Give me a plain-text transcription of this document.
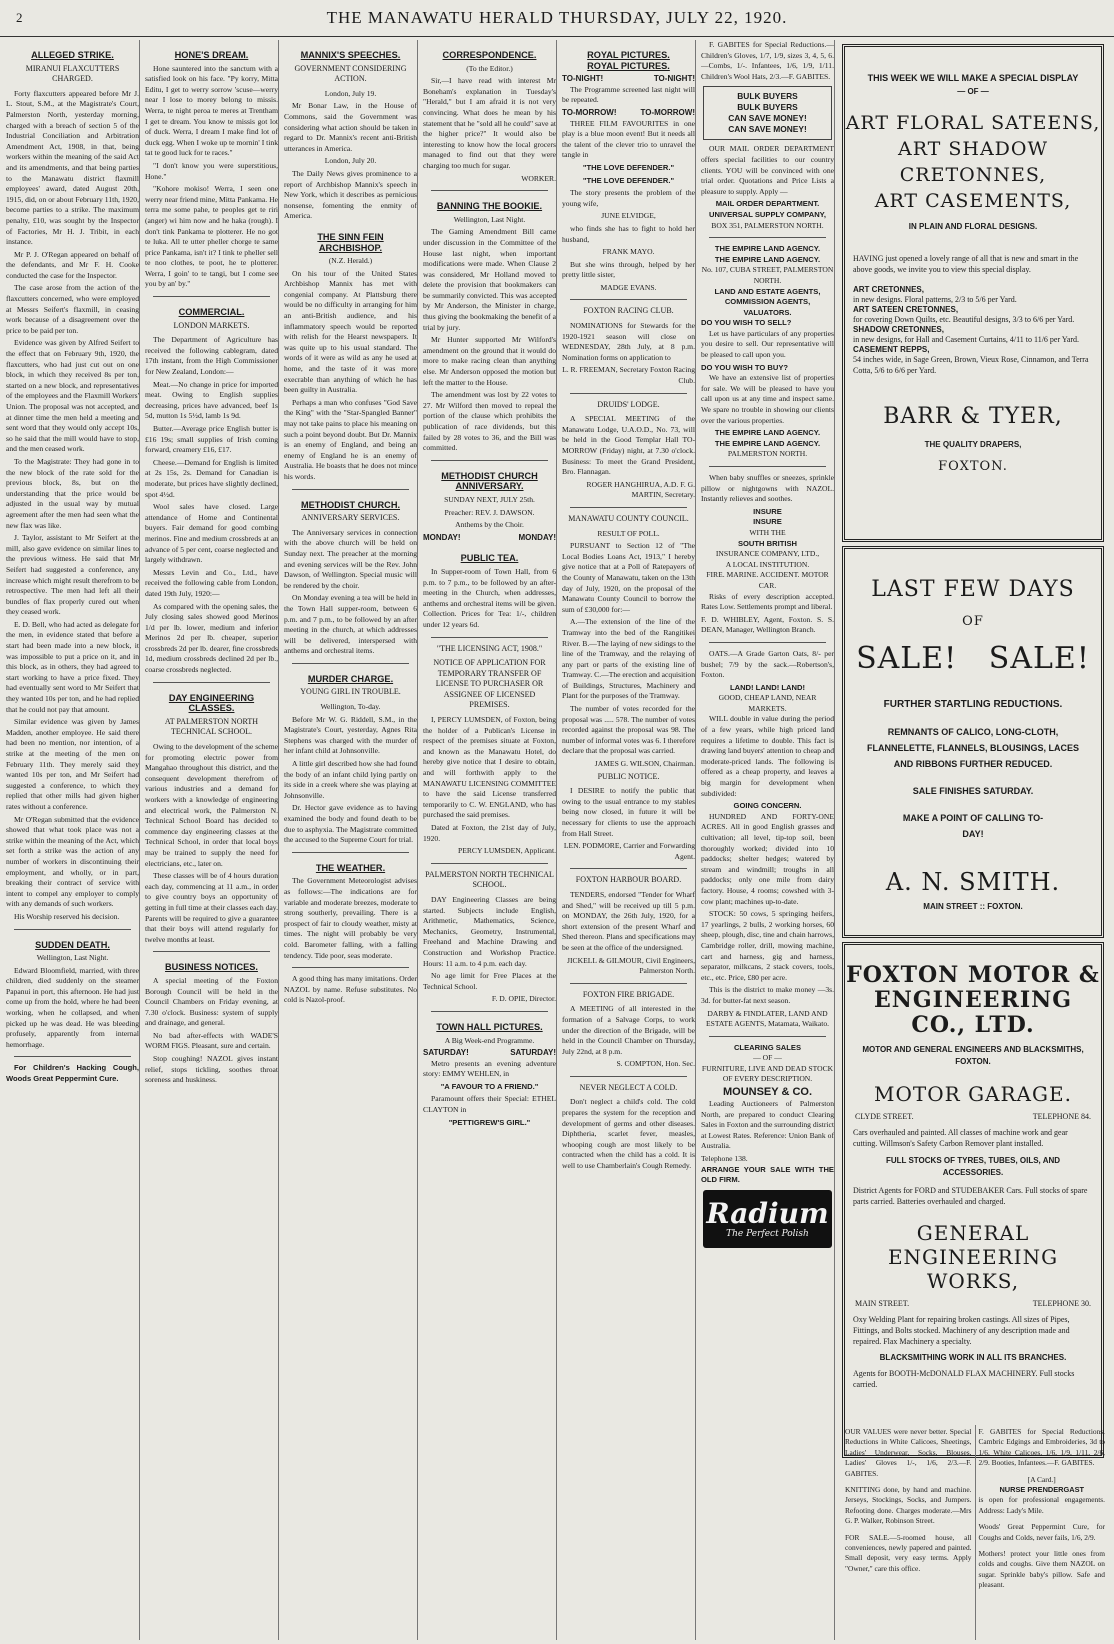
2	THE MANAWATU HERALD THURSDAY, JULY 22, 1920.
ALLEGED STRIKE.
MIRANUI FLAXCUTTERS CHARGED.

Forty flaxcutters appeared before Mr J. L. Stout, S.M., at the Magistrate's Court, Palmerston North, yesterday morning, charged with a breach of section 5 of the Industrial Conciliation and Arbitration Amendment Act, 1908, in that, being workers within the meaning of the said Act and its amendments, and that being parties to the Manawatu district flaxmill employees' award, dated August 20th, 1915, did, on or about February 11th, 1920, become parties to a strike. The maximum penalty, £10, was sought by the Inspector of Factories, Mr H. J. Tribit, in each instance.

Mr P. J. O'Regan appeared on behalf of the defendants, and Mr F. H. Cooke conducted the case for the Inspector.

The case arose from the action of the flaxcutters concerned, who were employed at Messrs Seifert's flaxmill, in ceasing work because of a disagreement over the price to be paid per ton.

Evidence was given by Alfred Seifert to the effect that on February 9th, 1920, the flaxcutters, who had just cut out on one block, in which they received 8s per ton, started on a new block, and representatives of the employees and the Flaxmill Workers' Union. The proposal was not accepted, and at dinner time the men held a meeting and sent word that they would only accept 10s, so he said that the mill would have to stop, and the men ceased work.

To the Magistrate: They had gone in to the new block of the rate sold for the previous block, 8s, but on the understanding that the price would be adjusted in the usual way by mutual agreement after the men had seen what the new flax was like.

J. Taylor, assistant to Mr Seifert at the mill, also gave evidence on similar lines to the previous witness. He said that Mr Seifert had suggested a conference, any increase which might result therefrom to be retrospective. The men had left all their bundles of flax properly cured out when they ceased work.

E. D. Bell, who had acted as delegate for the men, in evidence stated that before a start had been made into a new block, it was impossible to put a price on it, and in this block, as in others, they had agreed to start working to have a price fixed. They had eventually sent word to Mr Seifert that they wanted 10s per ton, and he had replied that he could not pay that amount.

Similar evidence was given by James Madden, another employee. He said there had been no mention, nor intention, of a strike at the meeting of the men on February 11th. They merely said they wanted 10s per ton, and Mr Seifert had suggested a conference, to which they replied that other mills had given higher rates without a conference.

Mr O'Regan submitted that the evidence showed that what took place was not a strike within the meaning of the Act, which set forth a strike was the action of any number of workers in discontinuing their employment, and wholly, or in part, breaking their contract of service with intent to compel any employer to comply with any demands of such workers.

His Worship reserved his decision.

SUDDEN DEATH.
Wellington, Last Night.

Edward Bloomfield, married, with three children, died suddenly on the steamer Papanui in port, this afternoon. He had just come up from the hold, where he had been working, when he collapsed, and when picked up he was dead. He was bleeding profusely, apparently from internal hemorrhage.

For Children's Hacking Cough, Woods Great Peppermint Cure.

HONE'S DREAM.

Hone sauntered into the sanctum with a satisfied look on his face. "Py korry, Mitta Editu, I get to werry sorrow 'scuse—werry near I lose to morey belong to missis. Werra, te night peroa te meres at Trentham I get te dream. You know te missis got lot of duck. Werra, I dream I make find lot of duck egg. When I woke up te mornin' I tink tat te good luck for te races."

"I don't know you were superstitious, Hone."

"Kohore mokiso! Werra, I seen one werry near friend mine, Mitta Pankama. He terra me some pahe, te peoples get te riri (anger) wi him now and he haka (rough). I don't tink Pankama te plotterer. He no got te luka. All te utter pheller chorge te same price Pankama, isn't it? I tink te pheller sell te noo clothes, te poot, he te plotterer. Werra, I goin' to te tangi, but I come see you by an' by."

COMMERCIAL.
LONDON MARKETS.

The Department of Agriculture has received the following cablegram, dated 17th instant, from the High Commissioner for New Zealand, London:—

Meat.—No change in price for imported meat. Owing to English supplies decreasing, prices have advanced, beef 1s 5d, mutton 1s 5½d, lamb 1s 9d.

Butter.—Average price English butter is £16 19s; small supplies of Irish coming forward, creamery £16, £17.

Cheese.—Demand for English is limited at 2s 15s, 2s. Demand for Canadian is moderate, but prices have slightly declined, spot 4½d.

Wool sales have closed. Large attendance of Home and Continental buyers. Fair demand for good combing merinos. Fine and medium crossbreds at an advance of 5 per cent, coarse neglected and largely withdrawn.

Messrs Levin and Co., Ltd., have received the following cable from London, dated 19th July, 1920:—

As compared with the opening sales, the July closing sales showed good Merinos 1/d per lb. lower, medium and inferior Merinos 2d per lb. cheaper, superior crossbreds 2d per lb. dearer, fine crossbreds 1d, medium crossbreds declined 2d per lb., coarse crossbreds neglected.

DAY ENGINEERING CLASSES.
AT PALMERSTON NORTH TECHNICAL SCHOOL.

Owing to the development of the scheme for promoting electric power from Mangahao throughout this district, and the consequent development therefrom of various industries and a demand for workers with a knowledge of engineering and electrical work, the Palmerston N. Technical School Board has decided to commence day engineering classes at the Technical School, in order that local boys may be trained to supply the need for electricians, etc., later on.

These classes will be of 4 hours duration each day, commencing at 11 a.m., in order to give country boys an opportunity of getting in full time at their classes each day. Parents will be required to give a guarantee that their boys will attend regularly for twelve months at least.

BUSINESS NOTICES.

A special meeting of the Foxton Borough Council will be held in the Council Chambers on Friday evening, at 7.30 o'clock. Business: system of supply and drainage, and general.

No bad after-effects with WADE'S WORM FIGS. Pleasant, sure and certain.

Stop coughing! NAZOL gives instant relief, stops tickling, soothes throat soreness and huskiness.

MANNIX'S SPEECHES.
GOVERNMENT CONSIDERING ACTION.
London, July 19.

Mr Bonar Law, in the House of Commons, said the Government was considering what action should be taken in regard to Dr. Mannix's recent anti-British utterances in America.

London, July 20.

The Daily News gives prominence to a report of Archbishop Mannix's speech in New York, which it describes as pernicious nonsense, fomenting the enmity of America.

THE SINN FEIN ARCHBISHOP.
(N.Z. Herald.)

On his tour of the United States Archbishop Mannix has met with congenial company. At Plattsburg there would be no difficulty in arranging for him an anti-British audience, and his inflammatory speech would be reported with relish for the Hearst newspapers. It was quite up to his usual standard. The words of it were as wild as any he used at home, and the taste of it was more execrable than anything of which he has been guilty in Australia.

Perhaps a man who confuses "God Save the King" with the "Star-Spangled Banner" may not take pains to place his meaning on such a point beyond doubt. But Dr. Mannix is an enemy of England, and being an enemy of England he is an enemy of Australia. He boasts that he does not mince his words.

METHODIST CHURCH.
ANNIVERSARY SERVICES.

The Anniversary services in connection with the above church will be held on Sunday next. The preacher at the morning and evening services will be the Rev. John Dawson, of Wellington. Special music will be rendered by the choir.

On Monday evening a tea will be held in the Town Hall supper-room, between 6 p.m. and 7 p.m., to be followed by an after meeting in the church, at which addresses will be delivered, interspersed with anthems and orchestral items.

MURDER CHARGE.
YOUNG GIRL IN TROUBLE.
Wellington, To-day.

Before Mr W. G. Riddell, S.M., in the Magistrate's Court, yesterday, Agnes Rita Stephens was charged with the murder of her infant child at Johnsonville.

A little girl described how she had found the body of an infant child lying partly on its side in a creek where she was playing at Johnsonville.

Dr. Hector gave evidence as to having examined the body and found death to be due to asphyxia. The Magistrate committed the accused to the Supreme Court for trial.

THE WEATHER.

The Government Meteorologist advises as follows:—The indications are for variable and moderate breezes, moderate to strong southerly, prevailing. There is a prospect of fair to cloudy weather, misty at times. The night will probably be very cold. Barometer falling, with a falling tendency. Tide poor, seas moderate.

A good thing has many imitations. Order NAZOL by name. Refuse substitutes. No cold is Nazol-proof.

CORRESPONDENCE.
(To the Editor.)

Sir,—I have read with interest Mr Boneham's explanation in Tuesday's "Herald," but I am afraid it is not very convincing. What does he mean by his statement that he "sold all he could" save at the higher price?" It would also be interesting to know how the local grocers managed to find out that they were charging too much for sugar.

WORKER.
BANNING THE BOOKIE.
Wellington, Last Night.

The Gaming Amendment Bill came under discussion in the Committee of the House last night, when important modifications were made. When Clause 2 was considered, Mr Holland moved to delete the provision that bookmakers can be summarily convicted. This was accepted by Mr Anderson, the Minister in charge, thus giving the bookmaking the benefit of a trial by jury.

Mr Hunter supported Mr Wilford's amendment on the ground that it would do more to make racing clean than anything else. Mr Anderson opposed the motion but left the matter to the House.

The amendment was lost by 22 votes to 27. Mr Wilford then moved to repeal the portion of the clause which prohibits the publication of race dividends, but this failed by 28 votes to 36, and the Bill was committed.

METHODIST CHURCH ANNIVERSARY.
SUNDAY NEXT, JULY 25th.
Preacher: REV. J. DAWSON.
Anthems by the Choir.
MONDAY!	MONDAY!
PUBLIC TEA.

In Supper-room of Town Hall, from 6 p.m. to 7 p.m., to be followed by an after-meeting in the Church, when addresses, anthems and orchestral items will be given. Collection. Prices for Tea: 1/-, children under 12 years 6d.

"THE LICENSING ACT, 1908."
NOTICE OF APPLICATION FOR TEMPORARY TRANSFER OF LICENSE TO PURCHASER OR ASSIGNEE OF LICENSED PREMISES.

I, PERCY LUMSDEN, of Foxton, being the holder of a Publican's License in respect of the premises situate at Foxton, and known as the Manawatu Hotel, do hereby give notice that I desire to obtain, and will forthwith apply to the MANAWATU LICENSING COMMITTEE to have the said License transferred temporarily to C. W. ENGLAND, who has purchased the said premises.

Dated at Foxton, the 21st day of July, 1920.

PERCY LUMSDEN, Applicant.
PALMERSTON NORTH TECHNICAL SCHOOL.

DAY Engineering Classes are being started. Subjects include English, Arithmetic, Mathematics, Science, Mechanics, Geometry, Instrumental, Freehand and Machine Drawing and Construction and Workshop Practice. Hours: 11 a.m. to 4 p.m. each day.

No age limit for Free Places at the Technical School.

F. D. OPIE, Director.
TOWN HALL PICTURES.
A Big Week-end Programme.
SATURDAY!	SATURDAY!

Metro presents an evening adventure story: EMMY WEHLEN, in

"A FAVOUR TO A FRIEND."

Paramount offers their Special: ETHEL CLAYTON in

"PETTIGREW'S GIRL."
ROYAL PICTURES.
ROYAL PICTURES.
TO-NIGHT!	TO-NIGHT!

The Programme screened last night will be repeated.

TO-MORROW!	TO-MORROW!

THREE FILM FAVOURITES in one play is a blue moon event! But it needs all the talent of the clever trio to unravel the tangle in

"THE LOVE DEFENDER."
"THE LOVE DEFENDER."

The story presents the problem of the young wife,

JUNE ELVIDGE,

who finds she has to fight to hold her husband,

FRANK MAYO.

But she wins through, helped by her pretty little sister,

MADGE EVANS.
FOXTON RACING CLUB.

NOMINATIONS for Stewards for the 1920-1921 season will close on WEDNESDAY, 28th July, at 8 p.m. Nomination forms on application to

L. R. FREEMAN, Secretary Foxton Racing Club.
DRUIDS' LODGE.

A SPECIAL MEETING of the Manawatu Lodge, U.A.O.D., No. 73, will be held in the Good Templar Hall TO-MORROW (Friday) night, at 7.30 o'clock. Business: To meet the Grand President, Bro. Flannagan.

ROGER HANGHIRUA, A.D. F. G. MARTIN, Secretary.
MANAWATU COUNTY COUNCIL.
RESULT OF POLL.

PURSUANT to Section 12 of "The Local Bodies Loans Act, 1913," I hereby give notice that at a Poll of Ratepayers of the County of Manawatu, taken on the 13th day of July, 1920, on the proposal of the Manawatu County Council to borrow the sum of £30,000 for:—

A.—The extension of the line of the Tramway into the bed of the Rangitikei River. B.—The laying of new sidings to the line of the Tramway, and the relaying of any part or parts of the existing line of Tramway. C.—The erection and acquisition of Buildings, Structures, Machinery and Plant for the purposes of the Tramway.

The number of votes recorded for the proposal was ..... 578. The number of votes recorded against the proposal was 98. The number of informal votes was 6. I therefore declare that the proposal was carried.

JAMES G. WILSON, Chairman.
PUBLIC NOTICE.

I DESIRE to notify the public that owing to the usual entrance to my stables being now closed, in future it will be necessary for clients to use the approach from Hall Street.

LEN. PODMORE, Carrier and Forwarding Agent.
FOXTON HARBOUR BOARD.

TENDERS, endorsed "Tender for Wharf and Shed," will be received up till 5 p.m. on MONDAY, the 26th July, 1920, for a short extension of the present Wharf and Shed thereon. Plans and specifications may be seen at the office of the undersigned.

JICKELL & GILMOUR, Civil Engineers, Palmerston North.
FOXTON FIRE BRIGADE.

A MEETING of all interested in the formation of a Salvage Corps, to work under the direction of the Brigade, will be held in the Council Chamber on Thursday, July 22nd, at 8 p.m.

S. COMPTON, Hon. Sec.
NEVER NEGLECT A COLD.

Don't neglect a child's cold. The cold prepares the system for the reception and development of germs and other diseases. Diphtheria, scarlet fever, measles, whooping cough are most likely to be contracted when the child has a cold. It is well to use Chamberlain's Cough Remedy.

F. GABITES for Special Reductions.—Children's Gloves, 1/7, 1/9, sizes 3, 4, 5, 6.—Combs, 1/-. Infantees, 1/6, 1/9, 1/11. Children's Wool Hats, 2/3.—F. GABITES.

BULK BUYERS
BULK BUYERS
CAN SAVE MONEY!
CAN SAVE MONEY!

OUR MAIL ORDER DEPARTMENT offers special facilities to our country clients. YOU will be convinced with one trial order. Quotations and Price Lists a pleasure to supply. Apply —

MAIL ORDER DEPARTMENT.
UNIVERSAL SUPPLY COMPANY,
BOX 351, PALMERSTON NORTH.
THE EMPIRE LAND AGENCY.
THE EMPIRE LAND AGENCY.
No. 107, CUBA STREET, PALMERSTON NORTH.
LAND AND ESTATE AGENTS,
COMMISSION AGENTS,
VALUATORS.
DO YOU WISH TO SELL?

Let us have particulars of any properties you desire to sell. Our representative will be pleased to call upon you.

DO YOU WISH TO BUY?

We have an extensive list of properties for sale. We will be pleased to have you call upon us at any time and inspect same. We spare no trouble in showing our clients over the various properties.

THE EMPIRE LAND AGENCY.
THE EMPIRE LAND AGENCY.
PALMERSTON NORTH.

When baby snuffles or sneezes, sprinkle pillow or nightgowns with NAZOL. Instantly relieves and soothes.

INSURE
INSURE
WITH THE
SOUTH BRITISH
INSURANCE COMPANY, LTD.,
A LOCAL INSTITUTION.
FIRE. MARINE. ACCIDENT. MOTOR CAR.

Risks of every description accepted. Rates Low. Settlements prompt and liberal.

F. D. WHIBLEY, Agent, Foxton. S. S. DEAN, Manager, Wellington Branch.

OATS.—A Grade Garton Oats, 8/- per bushel; 7/9 by the sack.—Robertson's, Foxton.

LAND! LAND! LAND!
GOOD, CHEAP LAND, NEAR MARKETS.

WILL double in value during the period of a few years, while high priced land requires a lifetime to double. This fact is drawing land buyers' attention to cheap and moderate-priced lands. The following is offered as a cheap property, and leaves a big margin for development when subdivided:

GOING CONCERN.

HUNDRED AND FORTY-ONE ACRES. All in good English grasses and cultivation; all level, tip-top soil, been thoroughly worked; divided into 10 paddocks; shelter hedges; watered by stream and windmill; troughs in all paddocks; only one mile from dairy factory. House, 4 rooms; cowshed with 3-cow plant; machines up-to-date.

STOCK: 50 cows, 5 springing heifers, 17 yearlings, 2 bulls, 2 working horses, 60 sheep, plough, disc, tine and chain harrows, Cambridge roller, drill, mowing machine, cart and harness, gig and harness, separator, milkcans, 2 stack covers, tools, etc., etc. Price, £80 per acre.

This is the district to make money —3s. 3d. for butter-fat next season.

DARBY & FINDLATER, LAND AND ESTATE AGENTS, Matamata, Waikato.
CLEARING SALES
— OF —
FURNITURE, LIVE AND DEAD STOCK OF EVERY DESCRIPTION.
MOUNSEY & CO.

Leading Auctioneers of Palmerston North, are prepared to conduct Clearing Sales in Foxton and the surrounding district at Lowest Rates. Reference: Union Bank of Australia.

Telephone 138.
ARRANGE YOUR SALE WITH THE OLD FIRM.
Radium
The Perfect Polish
THIS WEEK WE WILL MAKE A SPECIAL DISPLAY
— OF —
ART FLORAL SATEENS,
ART SHADOW CRETONNES,
ART CASEMENTS,
IN PLAIN AND FLORAL DESIGNS.
HAVING just opened a lovely range of all that is new and smart in the above goods, we invite you to view this special display.
ART CRETONNES,
in new designs. Floral patterns, 2/3 to 5/6 per Yard.
ART SATEEN CRETONNES,
for covering Down Quilts, etc. Beautiful designs, 3/3 to 6/6 per Yard.
SHADOW CRETONNES,
in new designs, for Hall and Casement Curtains, 4/11 to 11/6 per Yard.
CASEMENT REPPS,
54 inches wide, in Sage Green, Brown, Vieux Rose, Cinnamon, and Terra Cotta, 5/6 to 6/6 per Yard.
BARR & TYER,
THE QUALITY DRAPERS,
FOXTON.
LAST FEW DAYS
OF
SALE!   SALE!
FURTHER STARTLING REDUCTIONS.
REMNANTS OF CALICO, LONG-CLOTH, FLANNELETTE, FLANNELS, BLOUSINGS, LACES AND RIBBONS FURTHER REDUCED.
SALE FINISHES SATURDAY.
MAKE A POINT OF CALLING TO-DAY!
A. N. SMITH.
MAIN STREET :: FOXTON.
FOXTON MOTOR &
ENGINEERING
CO., LTD.
MOTOR AND GENERAL ENGINEERS AND BLACKSMITHS, FOXTON.
MOTOR GARAGE.
CLYDE STREET.	TELEPHONE 84.
Cars overhauled and painted. All classes of machine work and gear cutting. Willmson's Safety Carbon Remover plant installed.
FULL STOCKS OF TYRES, TUBES, OILS, AND ACCESSORIES.
District Agents for FORD and STUDEBAKER Cars. Full stocks of spare parts carried. Batteries overhauled and charged.
GENERAL ENGINEERING WORKS,
MAIN STREET.	TELEPHONE 30.
Oxy Welding Plant for repairing broken castings. All sizes of Pipes, Fittings, and Bolts stocked. Machinery of any description made and repaired. Flax Machinery a specialty.
BLACKSMITHING WORK IN ALL ITS BRANCHES.
Agents for BOOTH-McDONALD FLAX MACHINERY. Full stocks carried.

OUR VALUES were never better. Special Reductions in White Calicoes, Sheetings, Ladies' Underwear, Socks, Blouses, Ladies' Gloves 1/-, 1/6, 2/3.—F. GABITES.

KNITTING done, by hand and machine. Jerseys, Stockings, Socks, and Jumpers. Refooting done. Charges moderate.—Mrs G. P. Walker, Robinson Street.

FOR SALE.—5-roomed house, all conveniences, newly papered and painted. Small deposit, very easy terms. Apply "Owner," care this office.

F. GABITES for Special Reductions. Cambric Edgings and Embroideries, 3d to 1/6. White Calicoes, 1/6, 1/9, 1/11, 2/6, 2/9. Booties, Infantees.—F. GABITES.

[A Card.]
NURSE PRENDERGAST

is open for professional engagements. Address: Lady's Mile.

Woods' Great Peppermint Cure, for Coughs and Colds, never fails, 1/6, 2/9.

Mothers! protect your little ones from colds and coughs. Give them NAZOL on sugar. Sprinkle baby's pillow. Safe and pleasant.
